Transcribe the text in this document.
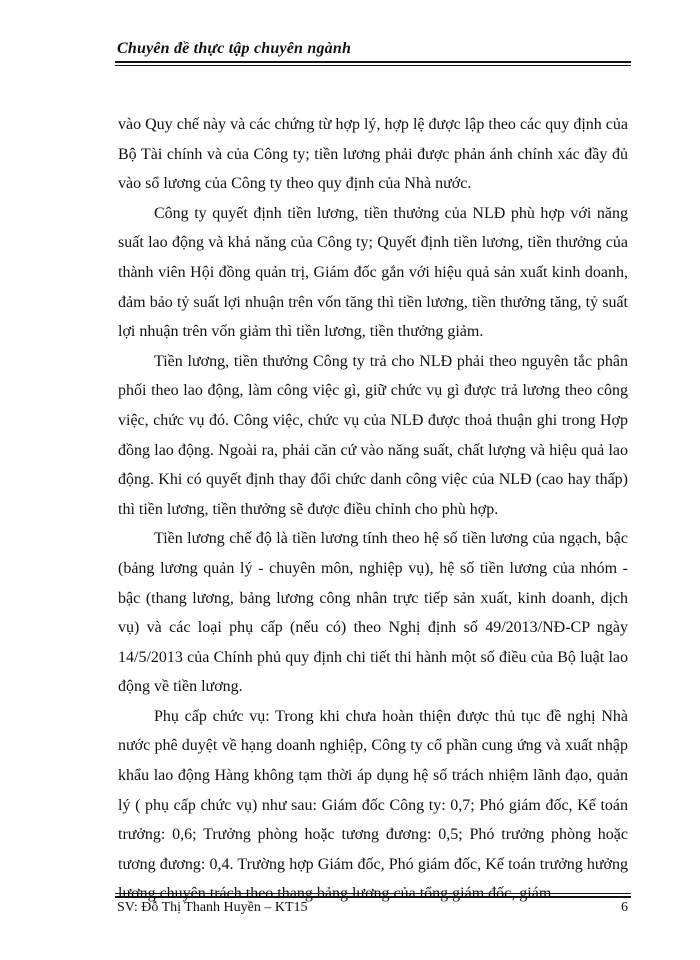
Chuyên đề thực tập chuyên ngành

vào Quy chế này và các chứng từ hợp lý, hợp lệ được lập theo các quy định của Bộ Tài chính và của Công ty; tiền lương phải được phản ánh chính xác đầy đủ vào sổ lương của Công ty theo quy định của Nhà nước.

Công ty quyết định tiền lương, tiền thưởng của NLĐ phù hợp với năng suất lao động và khả năng của Công ty; Quyết định tiền lương, tiền thưởng của thành viên Hội đồng quản trị, Giám đốc gắn với hiệu quả sản xuất kinh doanh, đảm bảo tỷ suất lợi nhuận trên vốn tăng thì tiền lương, tiền thưởng tăng, tỷ suất lợi nhuận trên vốn giảm thì tiền lương, tiền thưởng giảm.

Tiền lương, tiền thưởng Công ty trả cho NLĐ phải theo nguyên tắc phân phối theo lao động, làm công việc gì, giữ chức vụ gì được trả lương theo công việc, chức vụ đó. Công việc, chức vụ của NLĐ được thoả thuận ghi trong Hợp đồng lao động. Ngoài ra, phải căn cứ vào năng suất, chất lượng và hiệu quả lao động. Khi có quyết định thay đổi chức danh công việc của NLĐ (cao hay thấp) thì tiền lương, tiền thưởng sẽ được điều chỉnh cho phù hợp.

Tiền lương chế độ là tiền lương tính theo hệ số tiền lương của ngạch, bậc (bảng lương quản lý - chuyên môn, nghiệp vụ), hệ số tiền lương của nhóm - bậc (thang lương, bảng lương công nhân trực tiếp sản xuất, kinh doanh, dịch vụ) và các loại phụ cấp (nếu có) theo Nghị định số 49/2013/NĐ-CP ngày 14/5/2013 của Chính phủ quy định chi tiết thi hành một số điều của Bộ luật lao động về tiền lương.

Phụ cấp chức vụ: Trong khi chưa hoàn thiện được thủ tục đề nghị Nhà nước phê duyệt về hạng doanh nghiệp, Công ty cổ phần cung ứng và xuất nhập khẩu lao động Hàng không tạm thời áp dụng hệ số trách nhiệm lãnh đạo, quản lý ( phụ cấp chức vụ) như sau: Giám đốc Công ty: 0,7; Phó giám đốc, Kế toán trưởng: 0,6; Trưởng phòng hoặc tương đương: 0,5; Phó trưởng phòng hoặc tương đương: 0,4. Trường hợp Giám đốc, Phó giám đốc, Kế toán trưởng hưởng

SV: Đỗ Thị Thanh Huyền – KT15	6
